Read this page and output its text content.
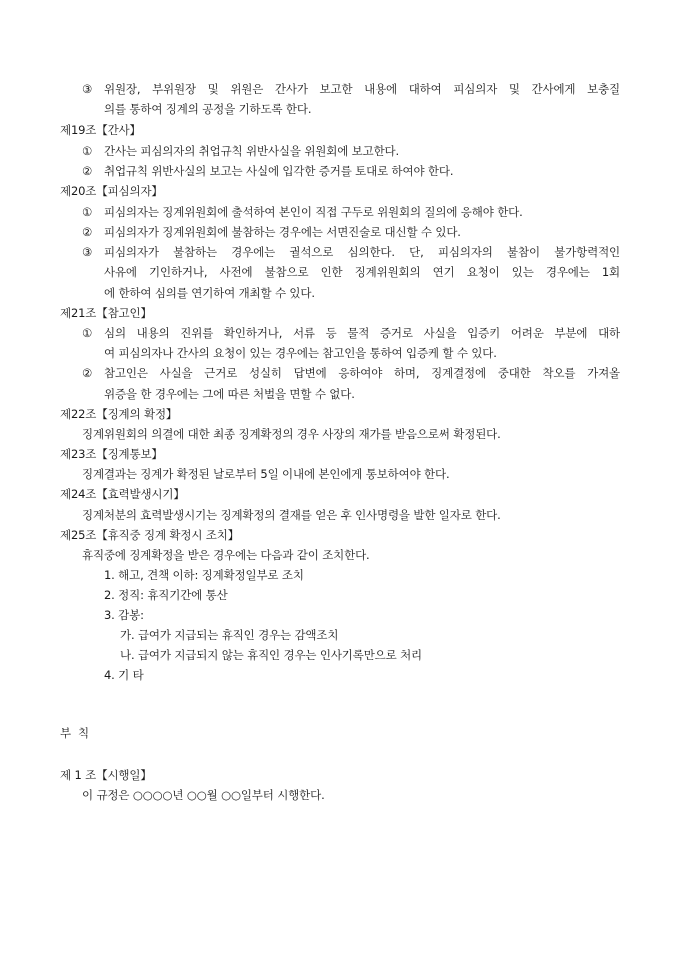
③ 위원장, 부위원장 및 위원은 간사가 보고한 내용에 대하여 피심의자 및 간사에게 보충질
의를 통하여 징계의 공정을 기하도록 한다.
제19조【간사】
① 간사는 피심의자의 취업규칙 위반사실을 위원회에 보고한다.
② 취업규칙 위반사실의 보고는 사실에 입각한 증거를 토대로 하여야 한다.
제20조【피심의자】
① 피심의자는 징계위원회에 출석하여 본인이 직접 구두로 위원회의 질의에 응해야 한다.
② 피심의자가 징계위원회에 불참하는 경우에는 서면진술로 대신할 수 있다.
③ 피심의자가 불참하는 경우에는 궐석으로 심의한다. 단, 피심의자의 불참이 불가항력적인
사유에 기인하거나, 사전에 불참으로 인한 징계위원회의 연기 요청이 있는 경우에는 1회
에 한하여 심의를 연기하여 개최할 수 있다.
제21조【참고인】
① 심의 내용의 진위를 확인하거나, 서류 등 물적 증거로 사실을 입증키 어려운 부분에 대하
여 피심의자나 간사의 요청이 있는 경우에는 참고인을 통하여 입증케 할 수 있다.
② 참고인은 사실을 근거로 성실히 답변에 응하여야 하며, 징계결정에 중대한 착오를 가져올
위증을 한 경우에는 그에 따른 처벌을 면할 수 없다.
제22조【징계의 확정】
징계위원회의 의결에 대한 최종 징계확정의 경우 사장의 재가를 받음으로써 확정된다.
제23조【징계통보】
징계결과는 징계가 확정된 날로부터 5일 이내에 본인에게 통보하여야 한다.
제24조【효력발생시기】
징계처분의 효력발생시기는 징계확정의 결재를 얻은 후 인사명령을 발한 일자로 한다.
제25조【휴직중 징계 확정시 조치】
휴직중에 징계확정을 받은 경우에는 다음과 같이 조치한다.
1. 해고, 견책 이하: 징계확정일부로 조치
2. 정직: 휴직기간에 통산
3. 감봉:
가. 급여가 지급되는 휴직인 경우는 감액조치
나. 급여가 지급되지 않는 휴직인 경우는 인사기록만으로 처리
4. 기 타
부  칙
제 1 조【시행일】
이 규정은 ○○○○년 ○○월 ○○일부터 시행한다.
